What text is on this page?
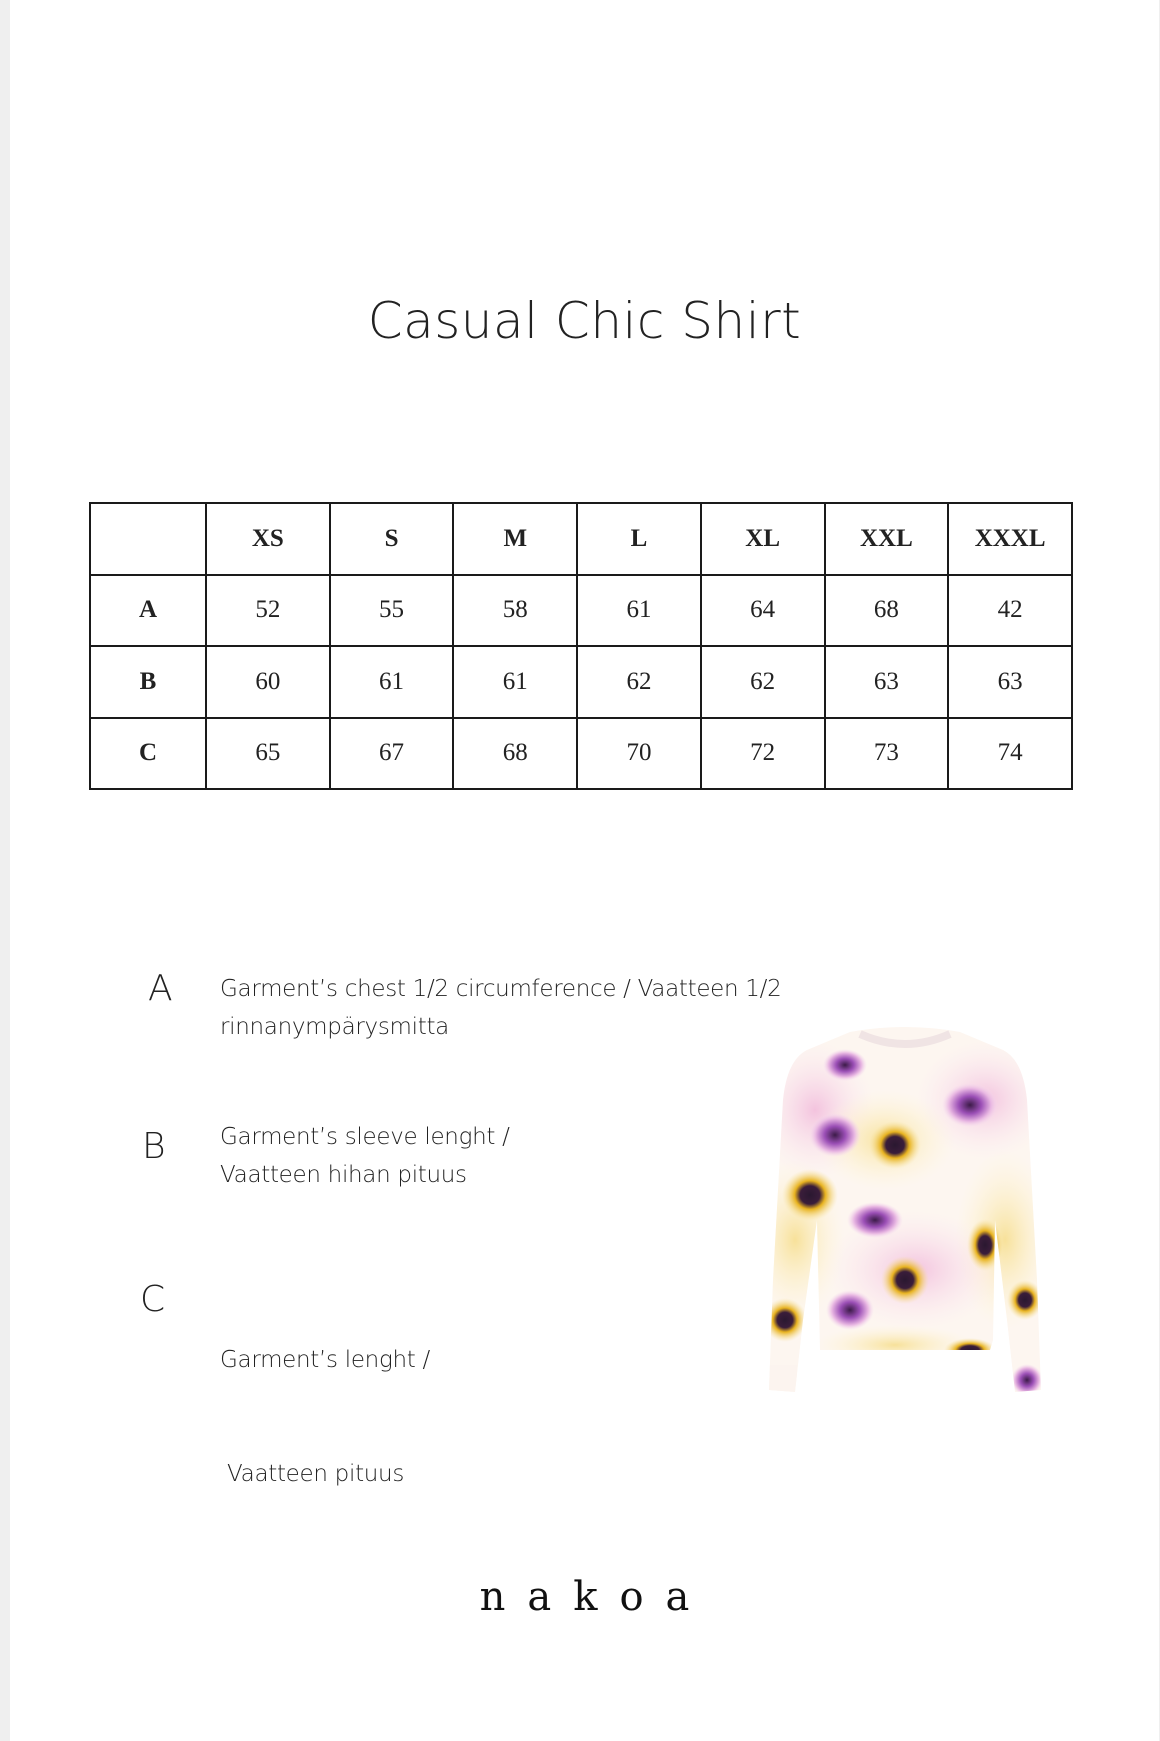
Casual Chic Shirt
	XS	S	M	L	XL	XXL	XXXL
A	52	55	58	61	64	68	42
B	60	61	61	62	62	63	63
C	65	67	68	70	72	73	74
A Garment’s chest 1/2 circumference / Vaatteen 1/2
rinnanympärysmitta
B Garment’s sleeve lenght /
Vaatteen hihan pituus
C

Garment’s lenght /

Vaatteen pituus

nakoa
